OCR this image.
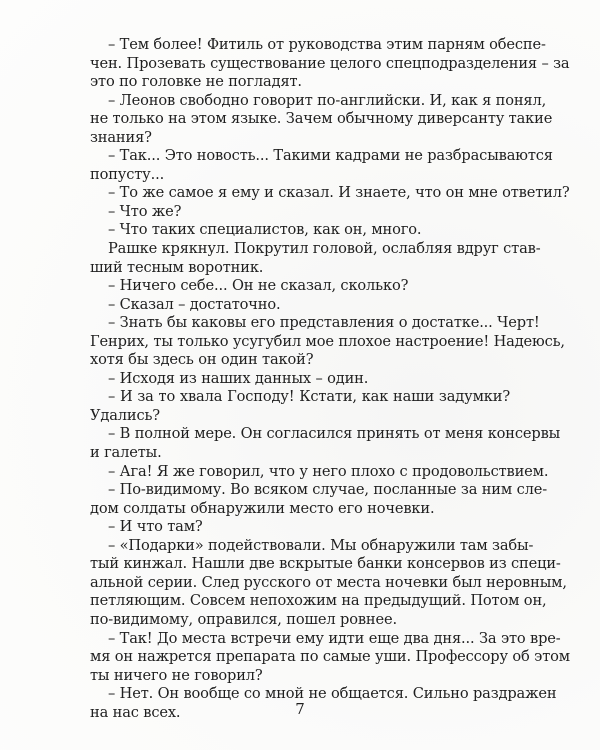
– Тем более! Фитиль от руководства этим парням обеспе-
чен. Прозевать существование целого спецподразделения – за
это по головке не погладят.
– Леонов свободно говорит по-английски. И, как я понял,
не только на этом языке. Зачем обычному диверсанту такие
знания?
– Так... Это новость... Такими кадрами не разбрасываются
попусту...
– То же самое я ему и сказал. И знаете, что он мне ответил?
– Что же?
– Что таких специалистов, как он, много.
Рашке крякнул. Покрутил головой, ослабляя вдруг став-
ший тесным воротник.
– Ничего себе... Он не сказал, сколько?
– Сказал – достаточно.
– Знать бы каковы его представления о достатке... Черт!
Генрих, ты только усугубил мое плохое настроение! Надеюсь,
хотя бы здесь он один такой?
– Исходя из наших данных – один.
– И за то хвала Господу! Кстати, как наши задумки?
Удались?
– В полной мере. Он согласился принять от меня консервы
и галеты.
– Ага! Я же говорил, что у него плохо с продовольствием.
– По-видимому. Во всяком случае, посланные за ним сле-
дом солдаты обнаружили место его ночевки.
– И что там?
– «Подарки» подействовали. Мы обнаружили там забы-
тый кинжал. Нашли две вскрытые банки консервов из специ-
альной серии. След русского от места ночевки был неровным,
петляющим. Совсем непохожим на предыдущий. Потом он,
по-видимому, оправился, пошел ровнее.
– Так! До места встречи ему идти еще два дня... За это вре-
мя он нажрется препарата по самые уши. Профессору об этом
ты ничего не говорил?
– Нет. Он вообще со мной не общается. Сильно раздражен
на нас всех.	7
